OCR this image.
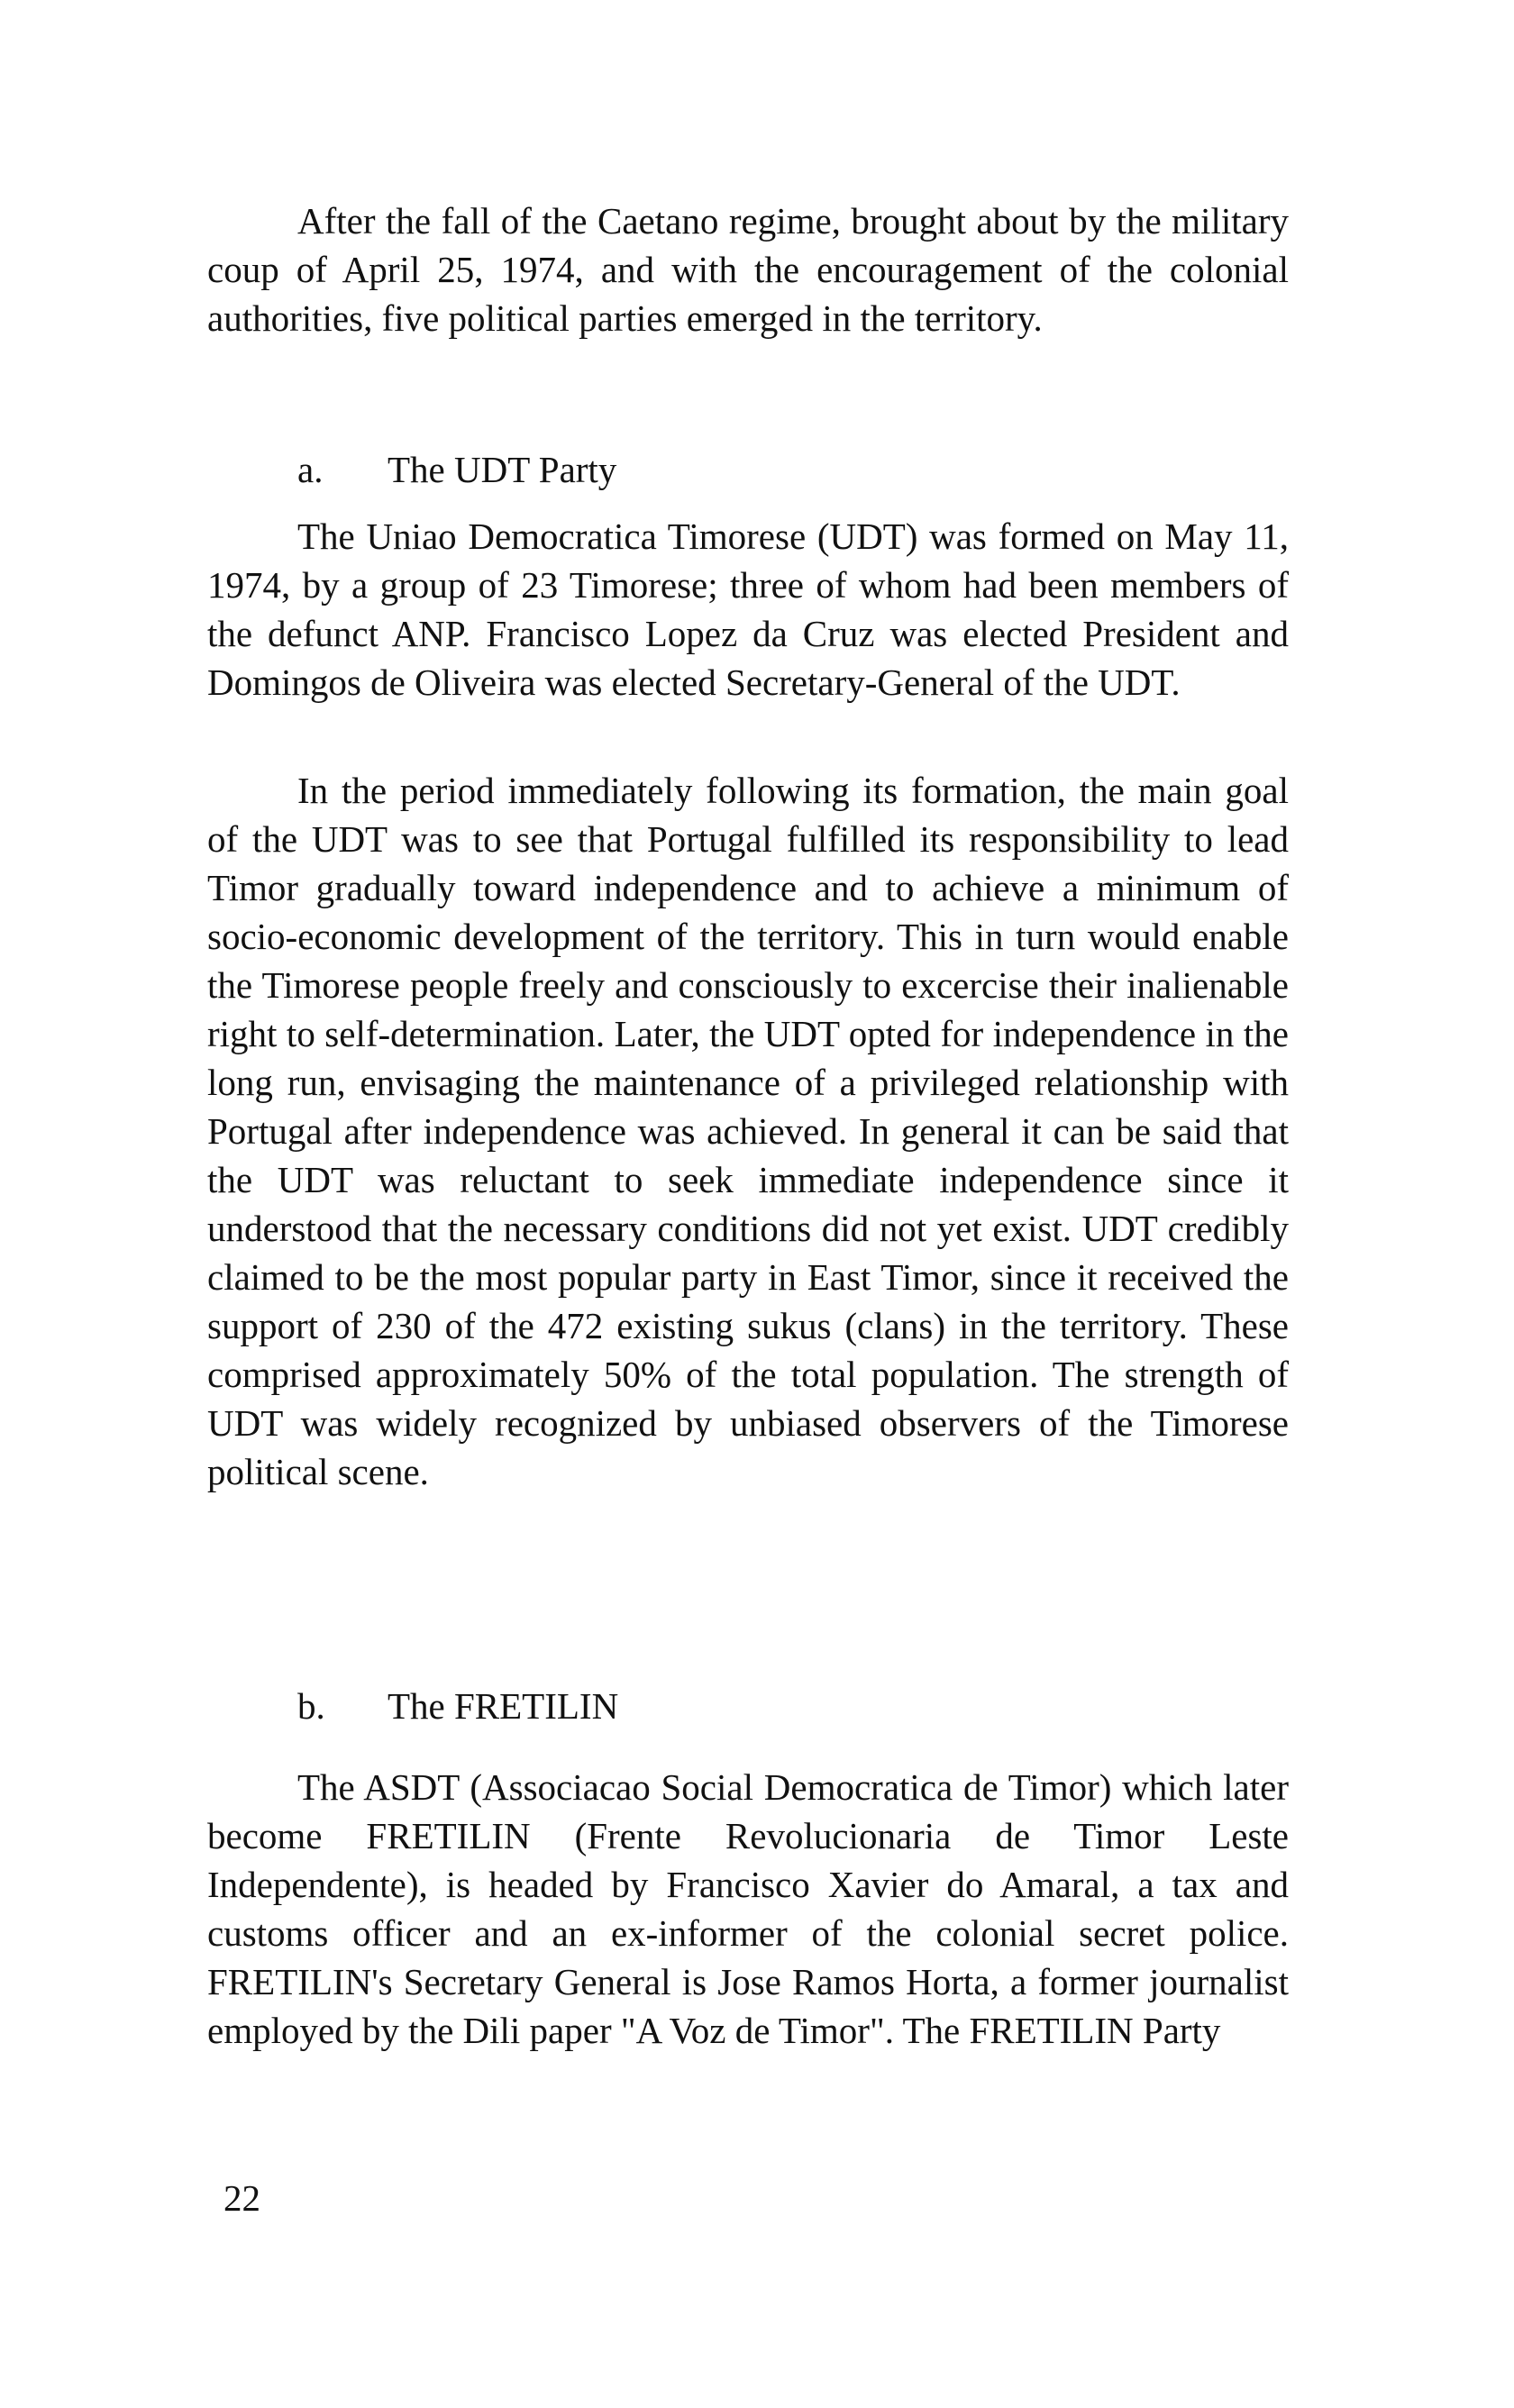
After the fall of the Caetano regime, brought about by the military coup of April 25, 1974, and with the encouragement of the colonial authorities, five political parties emerged in the territory.

a. The UDT Party

The Uniao Democratica Timorese (UDT) was formed on May 11, 1974, by a group of 23 Timorese; three of whom had been members of the defunct ANP. Francisco Lopez da Cruz was elected President and Domingos de Oliveira was elected Secretary-General of the UDT.

In the period immediately following its formation, the main goal of the UDT was to see that Portugal fulfilled its responsibility to lead Timor gradually toward independence and to achieve a minimum of socio-economic development of the territory. This in turn would enable the Timorese people freely and consciously to excercise their inalienable right to self-determination. Later, the UDT opted for independence in the long run, envisaging the maintenance of a privileged relationship with Portugal after independence was achieved. In general it can be said that the UDT was reluctant to seek immediate independence since it understood that the necessary conditions did not yet exist. UDT credibly claimed to be the most popular party in East Timor, since it received the support of 230 of the 472 existing sukus (clans) in the territory. These comprised approximately 50% of the total population. The strength of UDT was widely recognized by unbiased observers of the Timorese political scene.

b. The FRETILIN

The ASDT (Associacao Social Democratica de Timor) which later become FRETILIN (Frente Revolucionaria de Timor Leste Independente), is headed by Francisco Xavier do Amaral, a tax and customs officer and an ex-informer of the colonial secret police. FRETILIN's Secretary General is Jose Ramos Horta, a former journalist employed by the Dili paper "A Voz de Timor". The FRETILIN Party

22
